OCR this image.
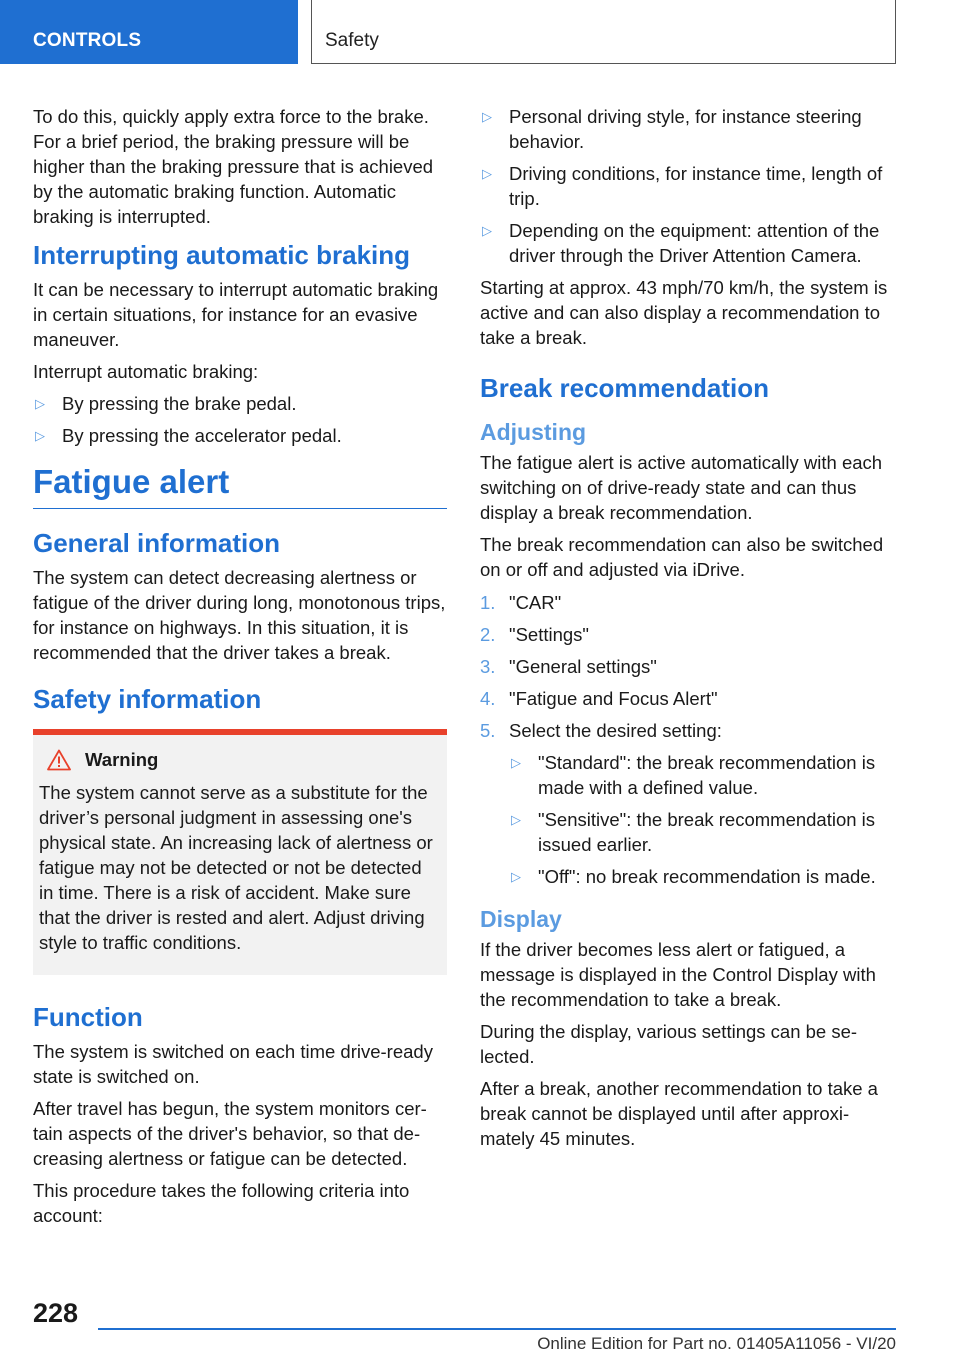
CONTROLS	Safety

To do this, quickly apply extra force to the brake. For a brief period, the braking pressure will be higher than the braking pressure that is achieved by the automatic braking function. Automatic braking is interrupted.

Interrupting automatic braking

It can be necessary to interrupt automatic braking in certain situations, for instance for an evasive maneuver.

Interrupt automatic braking:

▷ By pressing the brake pedal.
▷ By pressing the accelerator pedal.
Fatigue alert
General information

The system can detect decreasing alertness or fatigue of the driver during long, monotonous trips, for instance on highways. In this situation, it is recommended that the driver takes a break.

Safety information
Warning

The system cannot serve as a substitute for the driver’s personal judgment in assessing one's physical state. An increasing lack of alertness or fatigue may not be detected or not be detected in time. There is a risk of accident. Make sure that the driver is rested and alert. Adjust driving style to traffic conditions.

Function

The system is switched on each time drive-ready state is switched on.

After travel has begun, the system monitors certain aspects of the driver's behavior, so that decreasing alertness or fatigue can be detected.

This procedure takes the following criteria into account:

▷ Personal driving style, for instance steering behavior.
▷ Driving conditions, for instance time, length of trip.
▷ Depending on the equipment: attention of the driver through the Driver Attention Camera.

Starting at approx. 43 mph/70 km/h, the system is active and can also display a recommendation to take a break.

Break recommendation
Adjusting

The fatigue alert is active automatically with each switching on of drive-ready state and can thus display a break recommendation.

The break recommendation can also be switched on or off and adjusted via iDrive.

1. "CAR"
2. "Settings"
3. "General settings"
4. "Fatigue and Focus Alert"
5. Select the desired setting:
▷ "Standard": the break recommendation is made with a defined value.
▷ "Sensitive": the break recommendation is issued earlier.
▷ "Off": no break recommendation is made.
Display

If the driver becomes less alert or fatigued, a message is displayed in the Control Display with the recommendation to take a break.

During the display, various settings can be selected.

After a break, another recommendation to take a break cannot be displayed until after approximately 45 minutes.

228
Online Edition for Part no. 01405A11056 - VI/20
